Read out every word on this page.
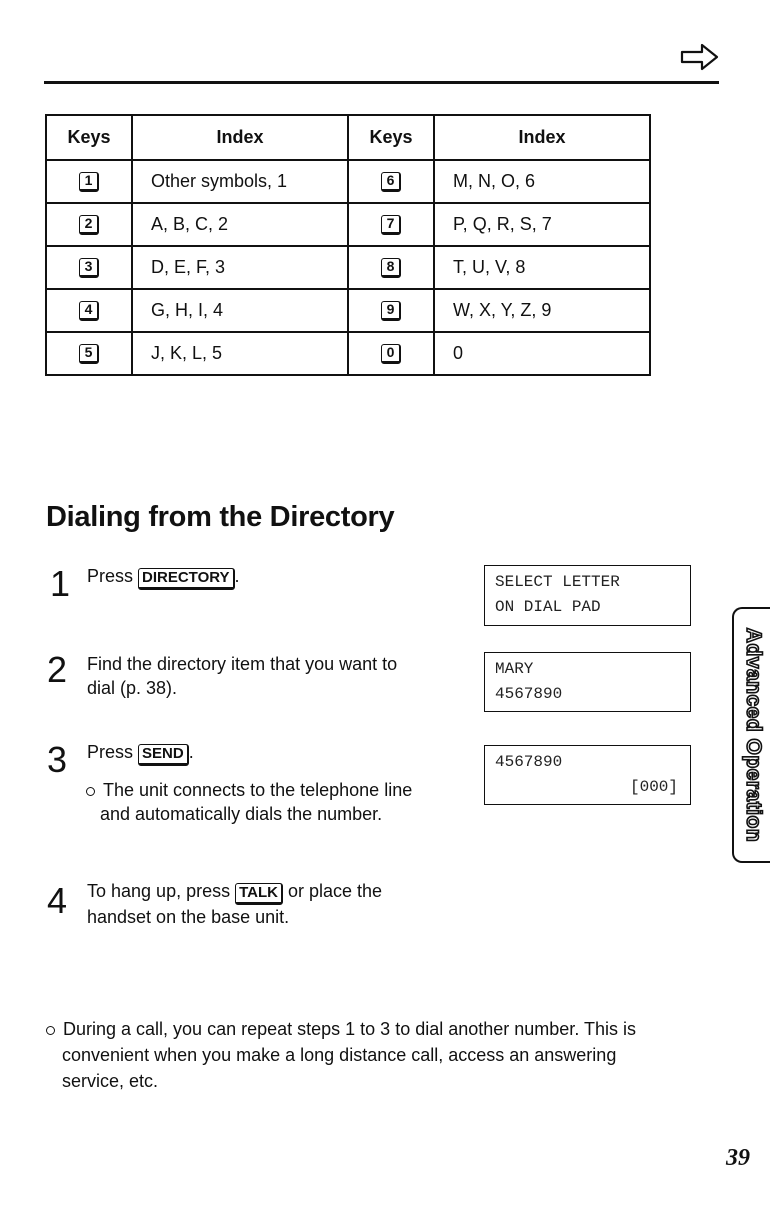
Keys	Index	Keys	Index
1	Other symbols, 1	6	M, N, O, 6
2	A, B, C, 2	7	P, Q, R, S, 7
3	D, E, F, 3	8	T, U, V, 8
4	G, H, I, 4	9	W, X, Y, Z, 9
5	J, K, L, 5	0	0
Dialing from the Directory
1 Press DIRECTORY .
2 Find the directory item that you want to
dial (p. 38).
3 Press SEND .
The unit connects to the telephone line
and automatically dials the number.
4 To hang up, press TALK or place the
handset on the base unit.
SELECT LETTER
ON DIAL PAD
MARY
4567890
4567890
[000]	Advanced Operation
During a call, you can repeat steps 1 to 3 to dial another number. This is
convenient when you make a long distance call, access an answering
service, etc.
39
